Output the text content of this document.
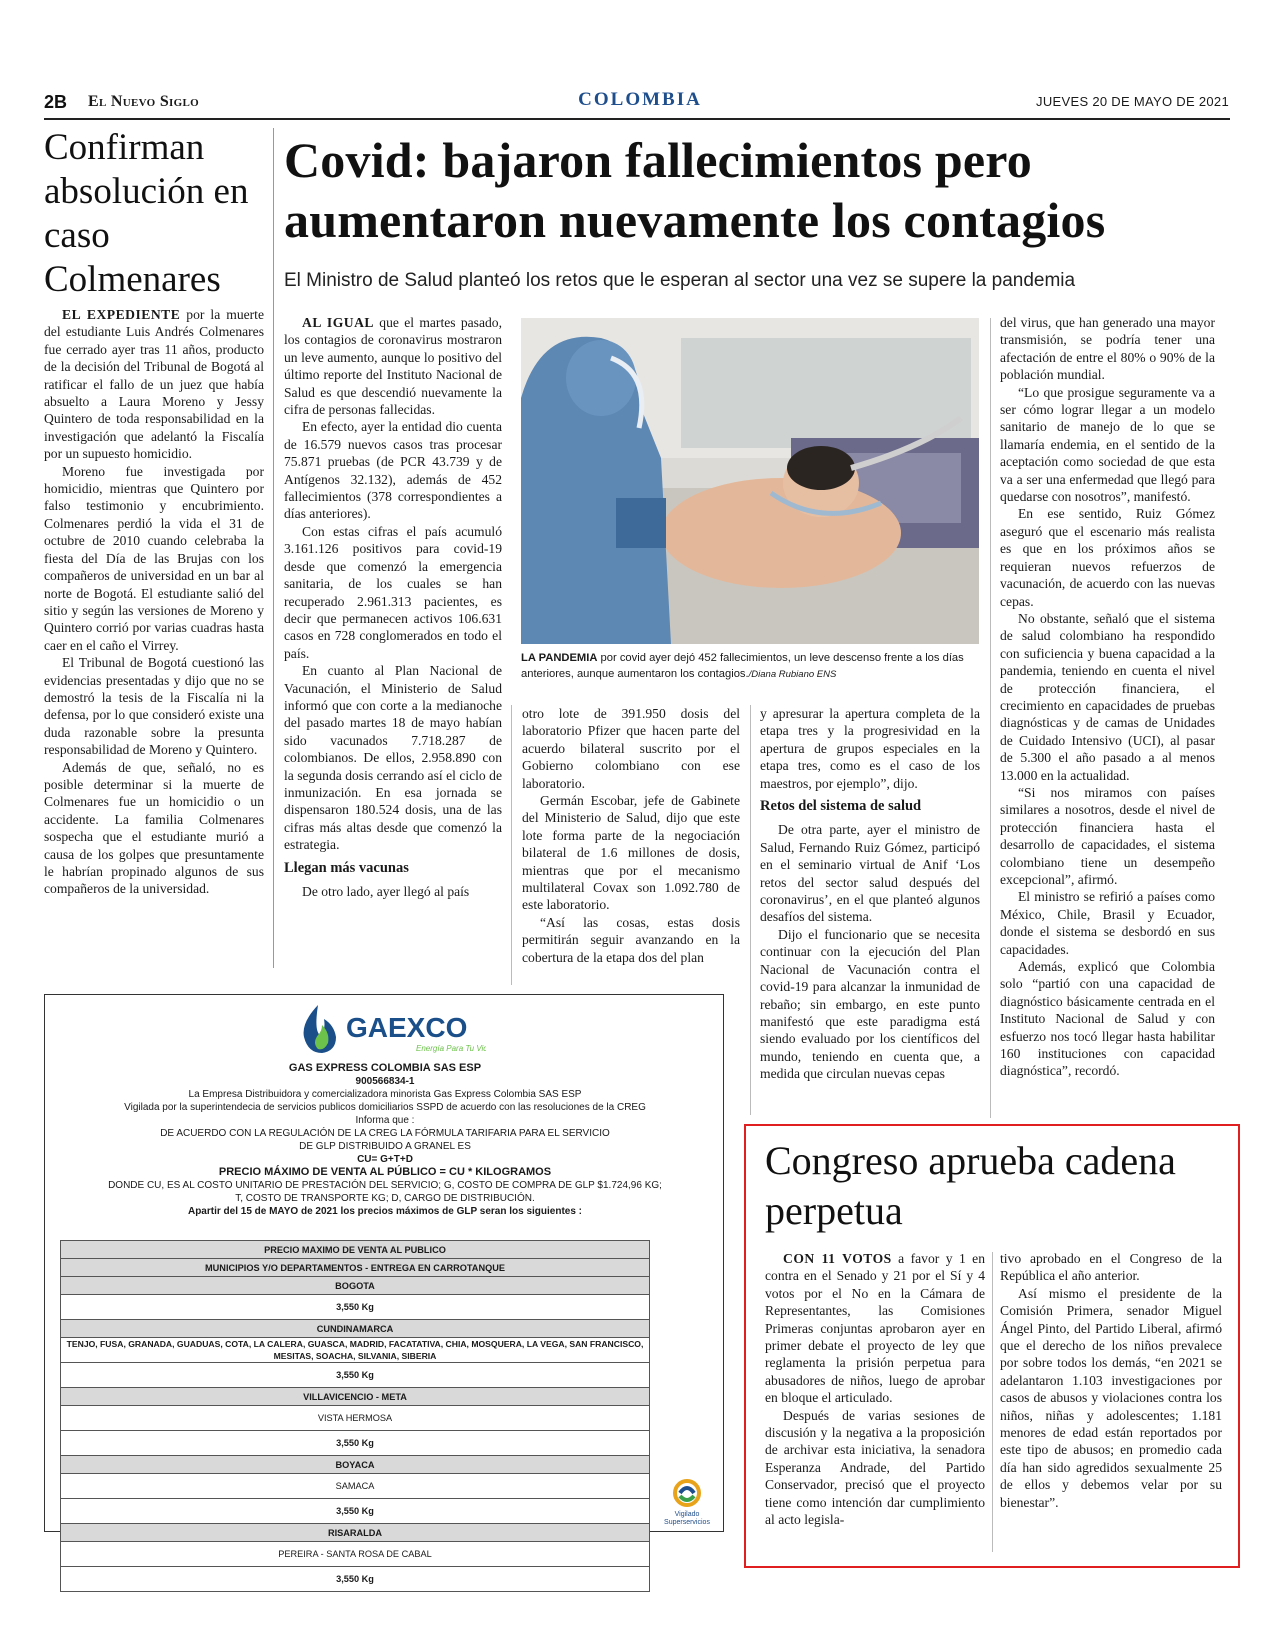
2B El Nuevo Siglo	COLOMBIA	JUEVES 20 DE MAYO DE 2021
Confirman absolución en caso Colmenares

EL EXPEDIENTE por la muerte del estudiante Luis Andrés Colmenares fue cerrado ayer tras 11 años, producto de la decisión del Tribunal de Bogotá al ratificar el fallo de un juez que había absuelto a Laura Moreno y Jessy Quintero de toda responsabilidad en la investigación que adelantó la Fiscalía por un supuesto homicidio.

Moreno fue investigada por homicidio, mientras que Quintero por falso testimonio y encubrimiento. Colmenares perdió la vida el 31 de octubre de 2010 cuando celebraba la fiesta del Día de las Brujas con los compañeros de universidad en un bar al norte de Bogotá. El estudiante salió del sitio y según las versiones de Moreno y Quintero corrió por varias cuadras hasta caer en el caño el Virrey.

El Tribunal de Bogotá cuestionó las evidencias presentadas y dijo que no se demostró la tesis de la Fiscalía ni la defensa, por lo que consideró existe una duda razonable sobre la presunta responsabilidad de Moreno y Quintero.

Además de que, señaló, no es posible determinar si la muerte de Colmenares fue un homicidio o un accidente. La familia Colmenares sospecha que el estudiante murió a causa de los golpes que presuntamente le habrían propinado algunos de sus compañeros de la universidad.

Covid: bajaron fallecimientos pero aumentaron nuevamente los contagios
El Ministro de Salud planteó los retos que le esperan al sector una vez se supere la pandemia

AL IGUAL que el martes pasado, los contagios de coronavirus mostraron un leve aumento, aunque lo positivo del último reporte del Instituto Nacional de Salud es que descendió nuevamente la cifra de personas fallecidas.

En efecto, ayer la entidad dio cuenta de 16.579 nuevos casos tras procesar 75.871 pruebas (de PCR 43.739 y de Antígenos 32.132), además de 452 fallecimientos (378 correspondientes a días anteriores).

Con estas cifras el país acumuló 3.161.126 positivos para covid-19 desde que comenzó la emergencia sanitaria, de los cuales se han recuperado 2.961.313 pacientes, es decir que permanecen activos 106.631 casos en 728 conglomerados en todo el país.

En cuanto al Plan Nacional de Vacunación, el Ministerio de Salud informó que con corte a la medianoche del pasado martes 18 de mayo habían sido vacunados 7.718.287 de colombianos. De ellos, 2.958.890 con la segunda dosis cerrando así el ciclo de inmunización. En esa jornada se dispensaron 180.524 dosis, una de las cifras más altas desde que comenzó la estrategia.

Llegan más vacunas

De otro lado, ayer llegó al país

otro lote de 391.950 dosis del laboratorio Pfizer que hacen parte del acuerdo bilateral suscrito por el Gobierno colombiano con ese laboratorio.

Germán Escobar, jefe de Gabinete del Ministerio de Salud, dijo que este lote forma parte de la negociación bilateral de 1.6 millones de dosis, mientras que por el mecanismo multilateral Covax son 1.092.780 de este laboratorio.

“Así las cosas, estas dosis permitirán seguir avanzando en la cobertura de la etapa dos del plan

y apresurar la apertura completa de la etapa tres y la progresividad en la apertura de grupos especiales en la etapa tres, como es el caso de los maestros, por ejemplo”, dijo.

Retos del sistema de salud

De otra parte, ayer el ministro de Salud, Fernando Ruiz Gómez, participó en el seminario virtual de Anif ‘Los retos del sector salud después del coronavirus’, en el que planteó algunos desafíos del sistema.

Dijo el funcionario que se necesita continuar con la ejecución del Plan Nacional de Vacunación contra el covid-19 para alcanzar la inmunidad de rebaño; sin embargo, en este punto manifestó que este paradigma está siendo evaluado por los científicos del mundo, teniendo en cuenta que, a medida que circulan nuevas cepas

del virus, que han generado una mayor transmisión, se podría tener una afectación de entre el 80% o 90% de la población mundial.

“Lo que prosigue seguramente va a ser cómo lograr llegar a un modelo sanitario de manejo de lo que se llamaría endemia, en el sentido de la aceptación como sociedad de que esta va a ser una enfermedad que llegó para quedarse con nosotros”, manifestó.

En ese sentido, Ruiz Gómez aseguró que el escenario más realista es que en los próximos años se requieran nuevos refuerzos de vacunación, de acuerdo con las nuevas cepas.

No obstante, señaló que el sistema de salud colombiano ha respondido con suficiencia y buena capacidad a la pandemia, teniendo en cuenta el nivel de protección financiera, el crecimiento en capacidades de pruebas diagnósticas y de camas de Unidades de Cuidado Intensivo (UCI), al pasar de 5.300 el año pasado a al menos 13.000 en la actualidad.

“Si nos miramos con países similares a nosotros, desde el nivel de protección financiera hasta el desarrollo de capacidades, el sistema colombiano tiene un desempeño excepcional”, afirmó.

El ministro se refirió a países como México, Chile, Brasil y Ecuador, donde el sistema se desbordó en sus capacidades.

Además, explicó que Colombia solo “partió con una capacidad de diagnóstico básicamente centrada en el Instituto Nacional de Salud y con esfuerzo nos tocó llegar hasta habilitar 160 instituciones con capacidad diagnóstica”, recordó.

LA PANDEMIA por covid ayer dejó 452 fallecimientos, un leve descenso frente a los días anteriores, aunque aumentaron los contagios./Diana Rubiano ENS
GAEXCO
Energía Para Tu Vida
GAS EXPRESS COLOMBIA SAS ESP
900566834-1
La Empresa Distribuidora y comercializadora minorista Gas Express Colombia SAS ESP
Vigilada por la superintendecia de servicios publicos domiciliarios SSPD de acuerdo con las resoluciones de la CREG
Informa que :
DE ACUERDO CON LA REGULACIÓN DE LA CREG LA FÓRMULA TARIFARIA PARA EL SERVICIO
DE GLP DISTRIBUIDO A GRANEL ES
CU= G+T+D
PRECIO MÁXIMO DE VENTA AL PÚBLICO = CU * KILOGRAMOS
DONDE CU, ES AL COSTO UNITARIO DE PRESTACIÓN DEL SERVICIO; G, COSTO DE COMPRA DE GLP $1.724,96 KG;
T, COSTO DE TRANSPORTE KG; D, CARGO DE DISTRIBUCIÓN.
Apartir del 15 de MAYO de 2021 los precios máximos de GLP seran los siguientes :
PRECIO MAXIMO DE VENTA AL PUBLICO
MUNICIPIOS Y/O DEPARTAMENTOS - ENTREGA EN CARROTANQUE
BOGOTA
3,550 Kg
CUNDINAMARCA
TENJO, FUSA, GRANADA, GUADUAS, COTA, LA CALERA, GUASCA, MADRID, FACATATIVA, CHIA, MOSQUERA, LA VEGA, SAN FRANCISCO, MESITAS, SOACHA, SILVANIA, SIBERIA
3,550 Kg
VILLAVICENCIO - META
VISTA HERMOSA
3,550 Kg
BOYACA
SAMACA
3,550 Kg
RISARALDA
PEREIRA - SANTA ROSA DE CABAL
3,550 Kg
Vigilado Superservicios
Congreso aprueba cadena perpetua

CON 11 VOTOS a favor y 1 en contra en el Senado y 21 por el Sí y 4 votos por el No en la Cámara de Representantes, las Comisiones Primeras conjuntas aprobaron ayer en primer debate el proyecto de ley que reglamenta la prisión perpetua para abusadores de niños, luego de aprobar en bloque el articulado.

Después de varias sesiones de discusión y la negativa a la proposición de archivar esta iniciativa, la senadora Esperanza Andrade, del Partido Conservador, precisó que el proyecto tiene como intención dar cumplimiento al acto legisla-

tivo aprobado en el Congreso de la República el año anterior.

Así mismo el presidente de la Comisión Primera, senador Miguel Ángel Pinto, del Partido Liberal, afirmó que el derecho de los niños prevalece por sobre todos los demás, “en 2021 se adelantaron 1.103 investigaciones por casos de abusos y violaciones contra los niños, niñas y adolescentes; 1.181 menores de edad están reportados por este tipo de abusos; en promedio cada día han sido agredidos sexualmente 25 de ellos y debemos velar por su bienestar”.
